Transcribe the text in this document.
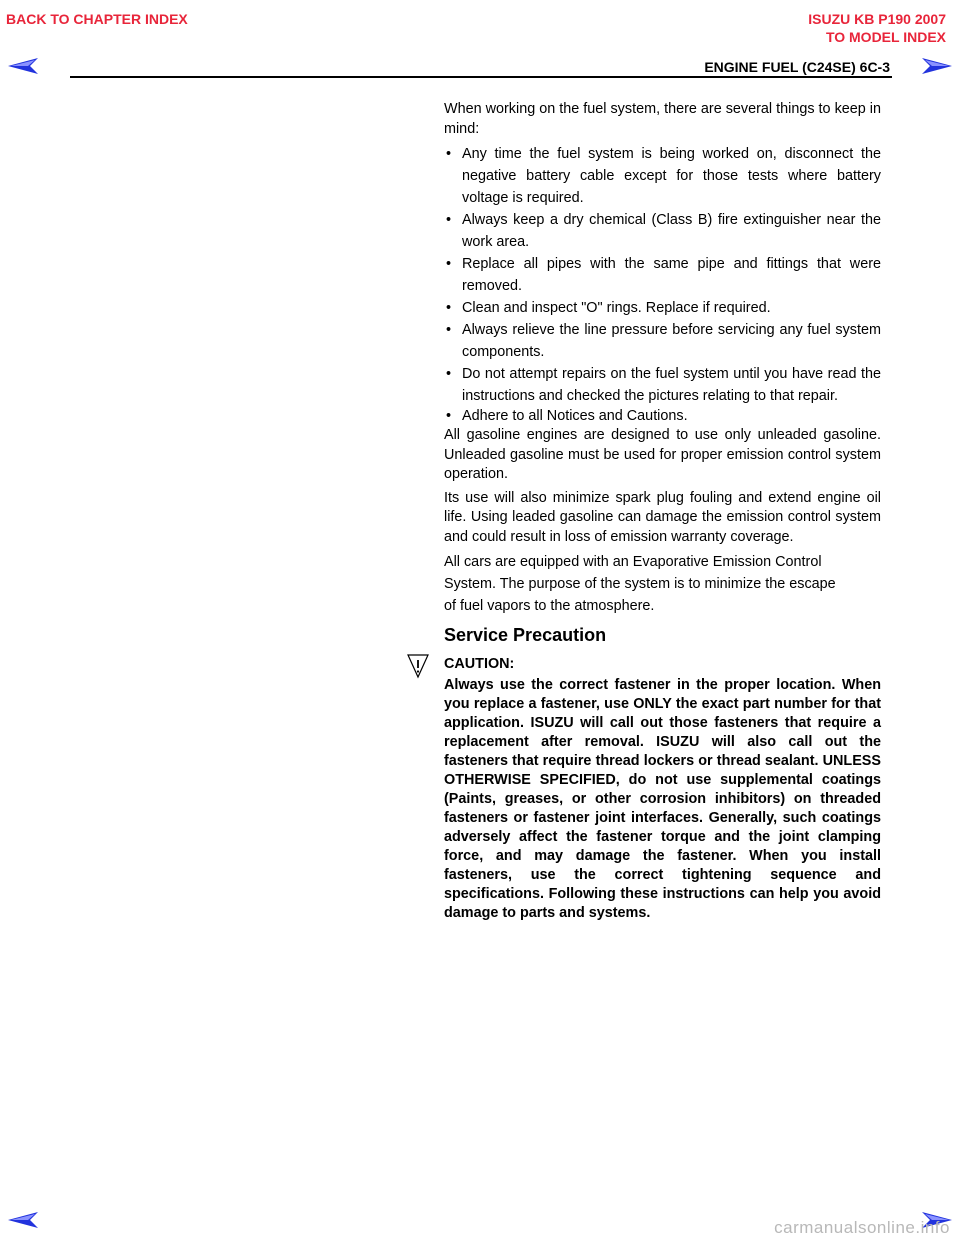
BACK TO CHAPTER INDEX	ISUZU KB P190 2007
TO MODEL INDEX
ENGINE FUEL (C24SE) 6C-3

When working on the fuel system, there are several things to keep in mind:

• Any time the fuel system is being worked on, disconnect the negative battery cable except for those tests where battery voltage is required.
• Always keep a dry chemical (Class B) fire extinguisher near the work area.
• Replace all pipes with the same pipe and fittings that were removed.
• Clean and inspect "O" rings. Replace if required.
• Always relieve the line pressure before servicing any fuel system components.
• Do not attempt repairs on the fuel system until you have read the instructions and checked the pictures relating to that repair.
• Adhere to all Notices and Cautions.

All gasoline engines are designed to use only unleaded gasoline. Unleaded gasoline must be used for proper emission control system operation.

Its use will also minimize spark plug fouling and extend engine oil life. Using leaded gasoline can damage the emission control system and could result in loss of emission warranty coverage.

All cars are equipped with an Evaporative Emission Control
System. The purpose of the system is to minimize the escape
of fuel vapors to the atmosphere.
Service Precaution

CAUTION:

Always use the correct fastener in the proper location. When you replace a fastener, use ONLY the exact part number for that application. ISUZU will call out those fasteners that require a replacement after removal. ISUZU will also call out the fasteners that require thread lockers or thread sealant. UNLESS OTHERWISE SPECIFIED, do not use supplemental coatings (Paints, greases, or other corrosion inhibitors) on threaded fasteners or fastener joint interfaces. Generally, such coatings adversely affect the fastener torque and the joint clamping force, and may damage the fastener. When you install fasteners, use the correct tightening sequence and specifications. Following these instructions can help you avoid damage to parts and systems.

carmanualsonline.info
